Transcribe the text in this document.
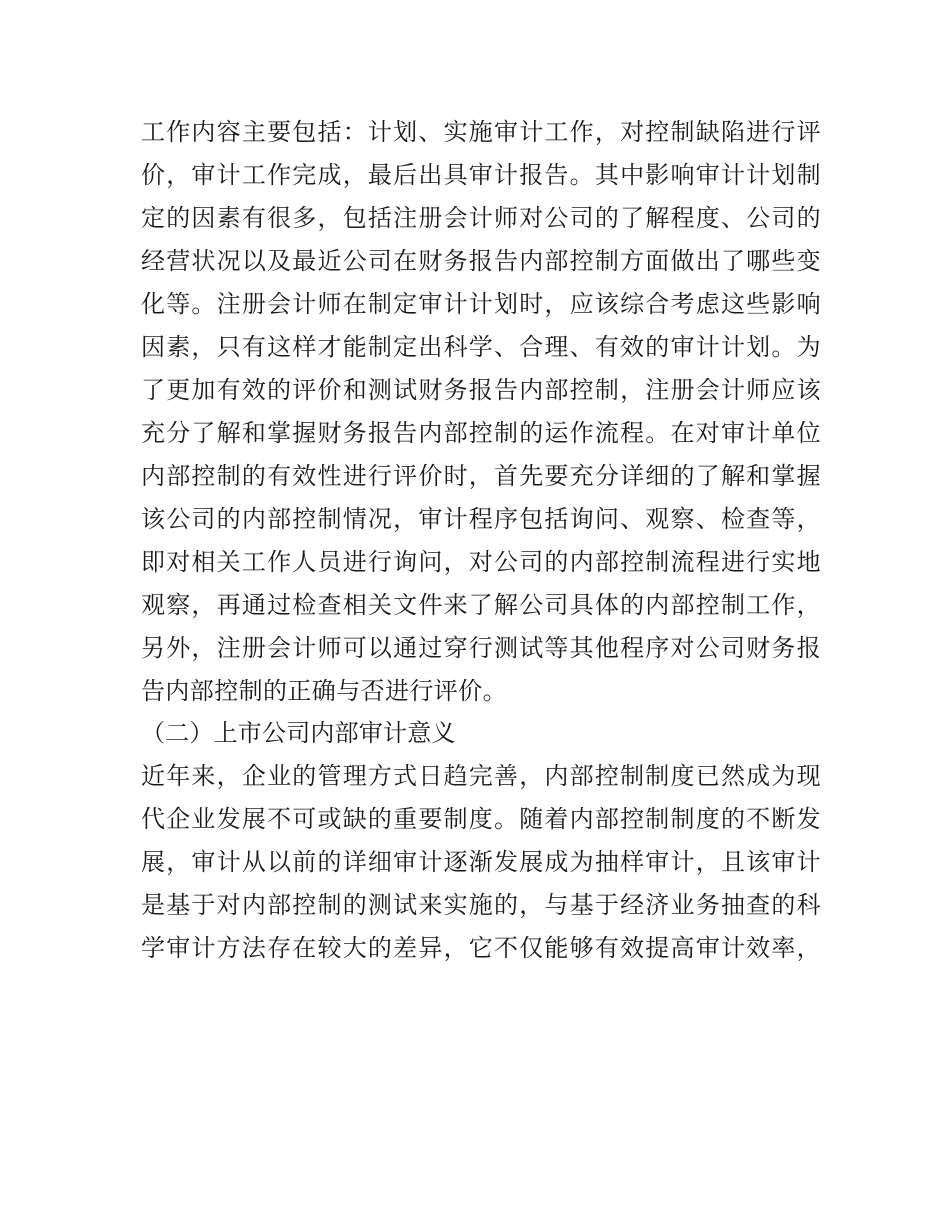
工作内容主要包括：计划、实施审计工作，对控制缺陷进行评
价，审计工作完成，最后出具审计报告。其中影响审计计划制
定的因素有很多，包括注册会计师对公司的了解程度、公司的
经营状况以及最近公司在财务报告内部控制方面做出了哪些变
化等。注册会计师在制定审计计划时，应该综合考虑这些影响
因素，只有这样才能制定出科学、合理、有效的审计计划。为
了更加有效的评价和测试财务报告内部控制，注册会计师应该
充分了解和掌握财务报告内部控制的运作流程。在对审计单位
内部控制的有效性进行评价时，首先要充分详细的了解和掌握
该公司的内部控制情况，审计程序包括询问、观察、检查等，
即对相关工作人员进行询问，对公司的内部控制流程进行实地
观察，再通过检查相关文件来了解公司具体的内部控制工作，
另外，注册会计师可以通过穿行测试等其他程序对公司财务报
告内部控制的正确与否进行评价。
（二）上市公司内部审计意义
近年来，企业的管理方式日趋完善，内部控制制度已然成为现
代企业发展不可或缺的重要制度。随着内部控制制度的不断发
展，审计从以前的详细审计逐渐发展成为抽样审计，且该审计
是基于对内部控制的测试来实施的，与基于经济业务抽查的科
学审计方法存在较大的差异，它不仅能够有效提高审计效率，
